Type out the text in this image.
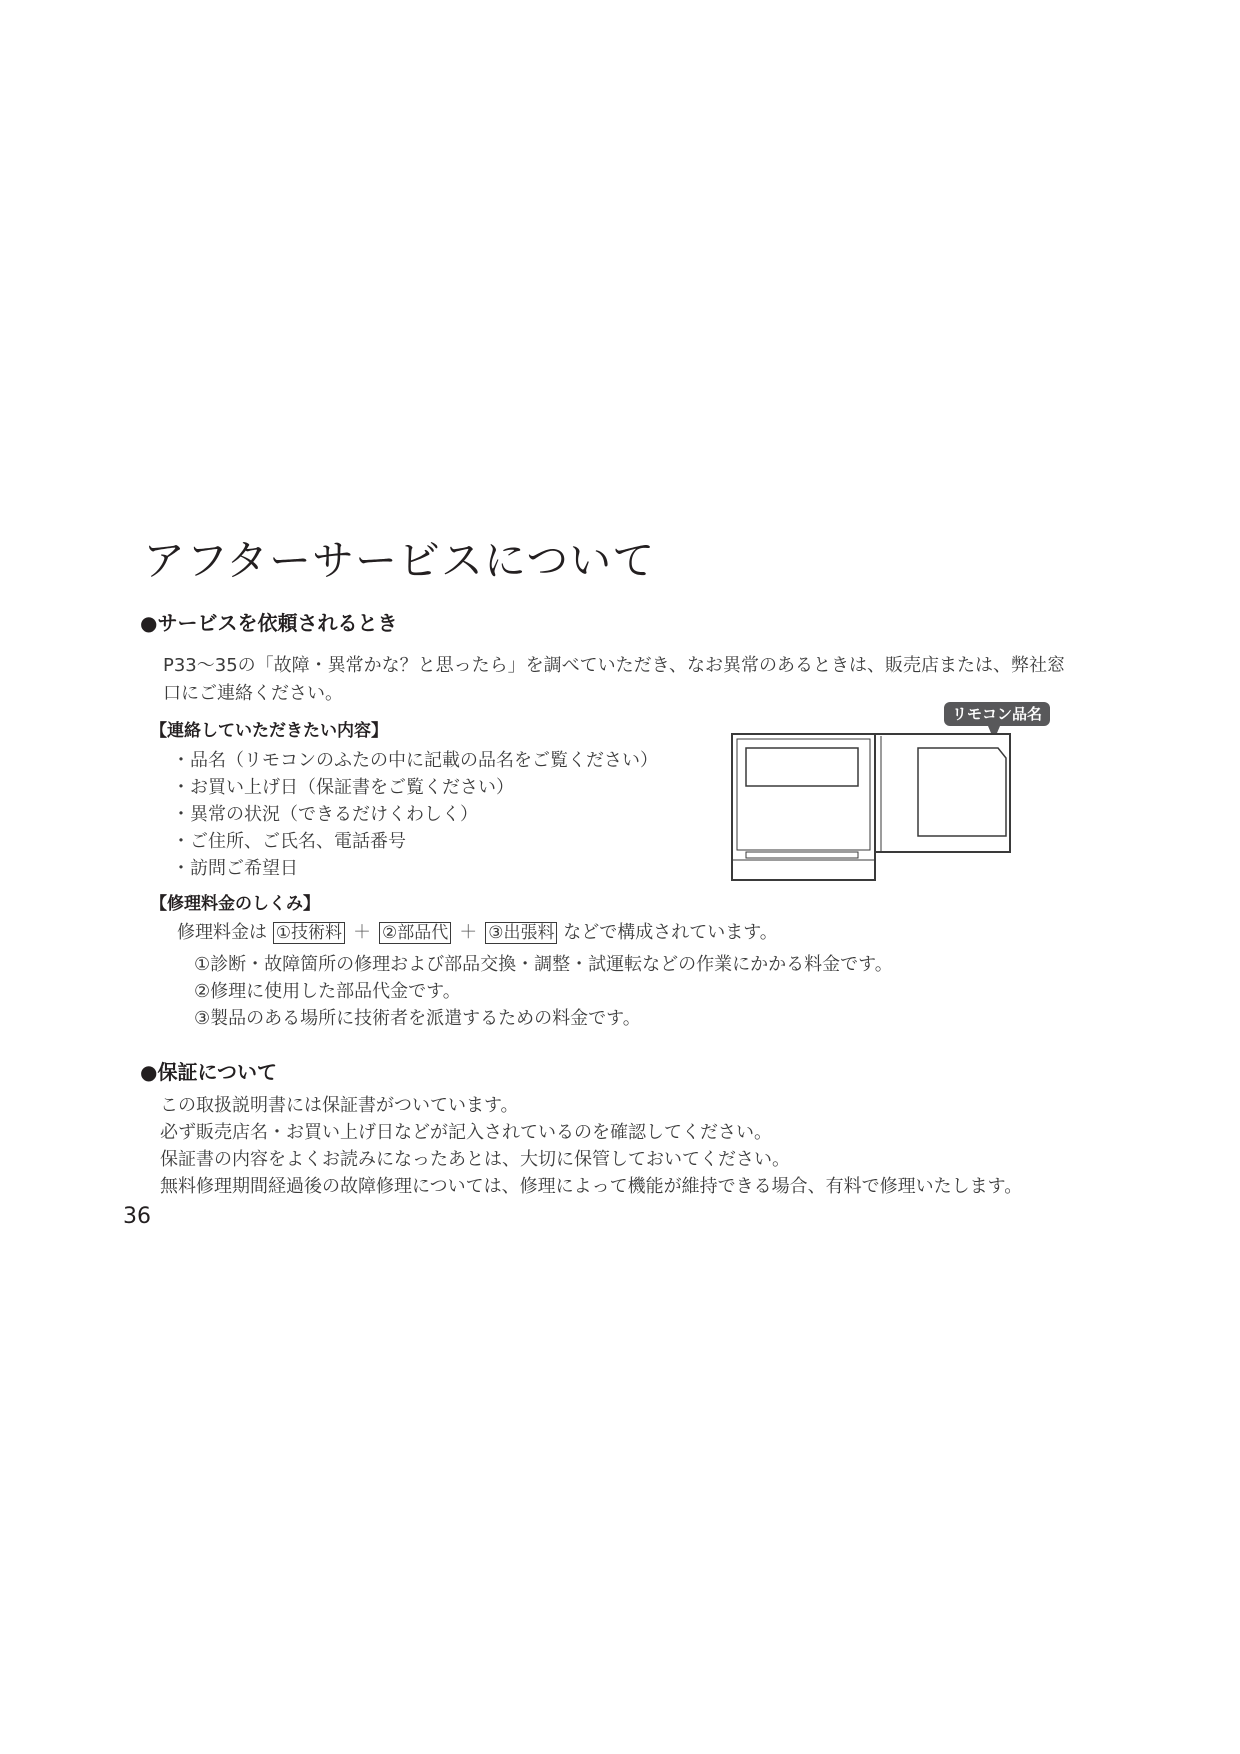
アフターサービスについて
●サービスを依頼されるとき
P33〜35の「故障・異常かな？と思ったら」を調べていただき、なお異常のあるときは、販売店または、弊社窓
口にご連絡ください。
【連絡していただきたい内容】
・品名（リモコンのふたの中に記載の品名をご覧ください）
・お買い上げ日（保証書をご覧ください）
・異常の状況（できるだけくわしく）
・ご住所、ご氏名、電話番号
・訪問ご希望日
リモコン品名
【修理料金のしくみ】
修理料金は ①技術料 ＋ ②部品代 ＋ ③出張料 などで構成されています。
①診断・故障箇所の修理および部品交換・調整・試運転などの作業にかかる料金です。
②修理に使用した部品代金です。
③製品のある場所に技術者を派遣するための料金です。
●保証について
この取扱説明書には保証書がついています。
必ず販売店名・お買い上げ日などが記入されているのを確認してください。
保証書の内容をよくお読みになったあとは、大切に保管しておいてください。
無料修理期間経過後の故障修理については、修理によって機能が維持できる場合、有料で修理いたします。
36
